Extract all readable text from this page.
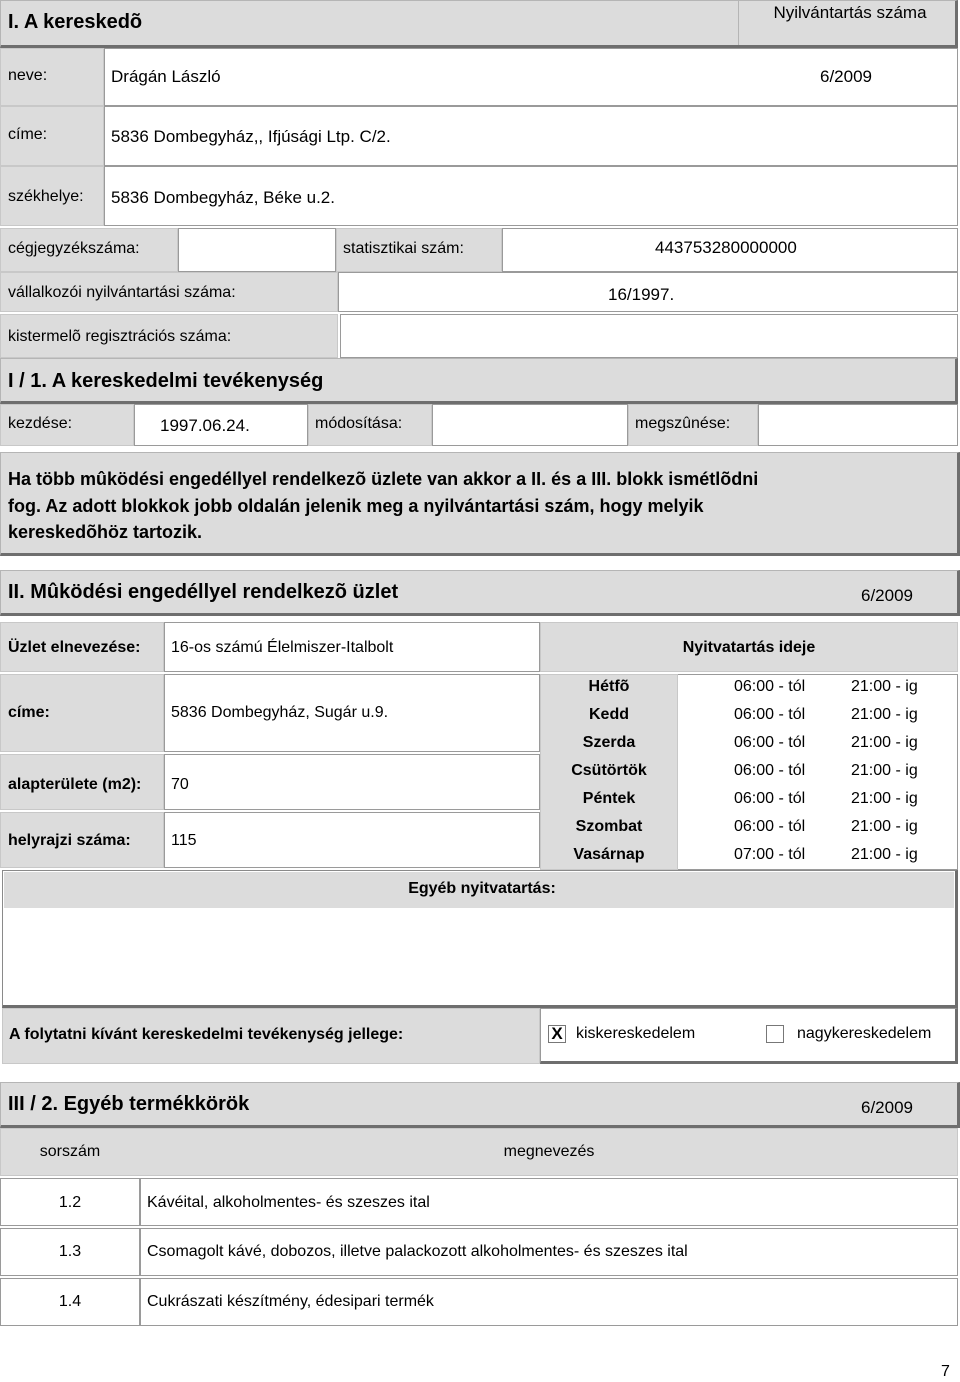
I. A kereskedõ	Nyilvántartás száma
neve:	Drágán László	6/2009
címe:	5836 Dombegyház,, Ifjúsági Ltp. C/2.
székhelye: 5836 Dombegyház, Béke u.2.
cégjegyzékszáma:	statisztikai szám:	443753280000000
vállalkozói nyilvántartási száma:	16/1997.
kistermelõ regisztrációs száma:
I / 1. A kereskedelmi tevékenység
kezdése:	1997.06.24.	módosítása:	megszûnése:
Ha több mûködési engedéllyel rendelkezõ üzlete van akkor a II. és a III. blokk ismétlõdni
fog. Az adott blokkok jobb oldalán jelenik meg a nyilvántartási szám, hogy melyik
kereskedõhöz tartozik.
II. Mûködési engedéllyel rendelkezõ üzlet	6/2009
Üzlet elnevezése: 16-os számú Élelmiszer-Italbolt	Nyitvatartás ideje
címe:	5836 Dombegyház, Sugár u.9.
alapterülete (m2): 70
helyrajzi száma:	115
Hétfõ	06:00 - tól	21:00 - ig
Kedd	06:00 - tól	21:00 - ig
Szerda	06:00 - tól	21:00 - ig
Csütörtök	06:00 - tól	21:00 - ig
Péntek	06:00 - tól	21:00 - ig
Szombat	06:00 - tól	21:00 - ig
Vasárnap	07:00 - tól	21:00 - ig
Egyéb nyitvatartás:
A folytatni kívánt kereskedelmi tevékenység jellege:	X kiskereskedelem	nagykereskedelem
III / 2. Egyéb termékkörök	6/2009
sorszám	megnevezés
1.2	Kávéital, alkoholmentes- és szeszes ital
1.3	Csomagolt kávé, dobozos, illetve palackozott alkoholmentes- és szeszes ital
1.4	Cukrászati készítmény, édesipari termék
7
